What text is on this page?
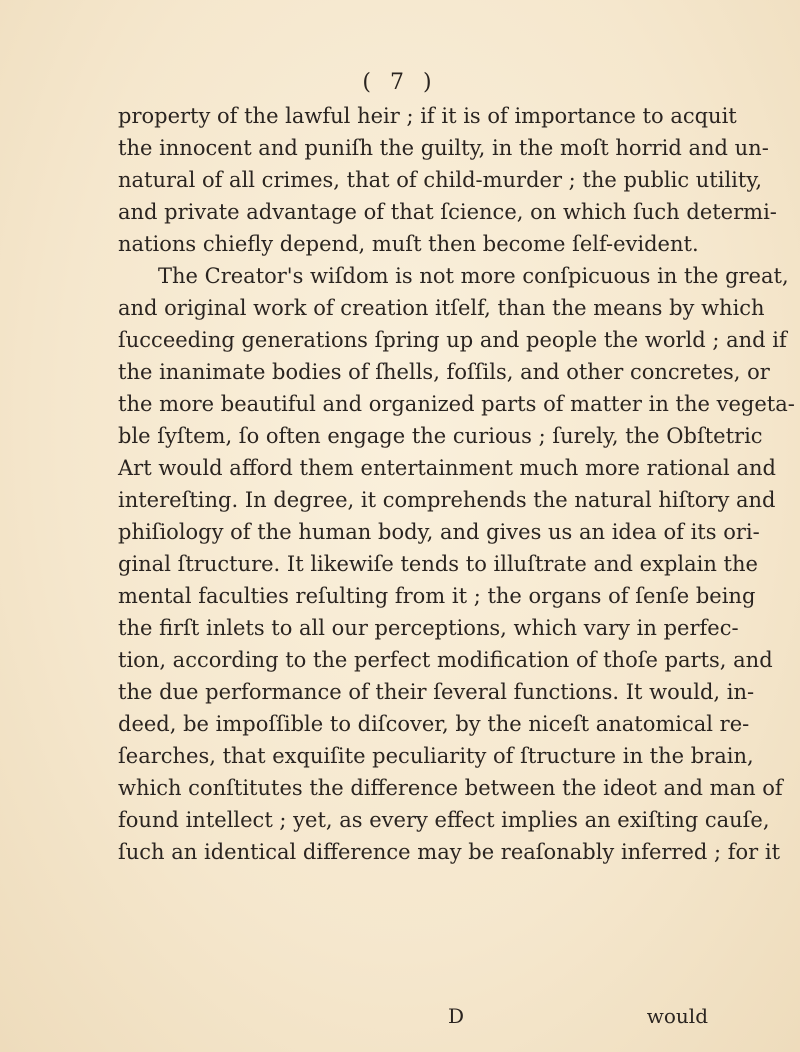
( 7 )
property of the lawful heir ; if it is of importance to acquit
the innocent and puniſh the guilty, in the moſt horrid and un-
natural of all crimes, that of child-murder ; the public utility,
and private advantage of that ſcience, on which ſuch determi-
nations chiefly depend, muſt then become ſelf-evident.
The Creator's wiſdom is not more conſpicuous in the great,
and original work of creation itſelf, than the means by which
ſucceeding generations ſpring up and people the world ; and if
the inanimate bodies of ſhells, foſſils, and other concretes, or
the more beautiful and organized parts of matter in the vegeta-
ble ſyſtem, ſo often engage the curious ; ſurely, the Obſtetric
Art would afford them entertainment much more rational and
intereſting. In degree, it comprehends the natural hiſtory and
phiſiology of the human body, and gives us an idea of its ori-
ginal ſtructure. It likewiſe tends to illuſtrate and explain the
mental faculties reſulting from it ; the organs of ſenſe being
the firſt inlets to all our perceptions, which vary in perfec-
tion, according to the perfect modification of thoſe parts, and
the due performance of their ſeveral functions. It would, in-
deed, be impoſſible to diſcover, by the niceſt anatomical re-
ſearches, that exquiſite peculiarity of ſtructure in the brain,
which conſtitutes the difference between the ideot and man of
found intellect ; yet, as every effect implies an exiſting cauſe,
ſuch an identical difference may be reaſonably inferred ; for it
D	would
